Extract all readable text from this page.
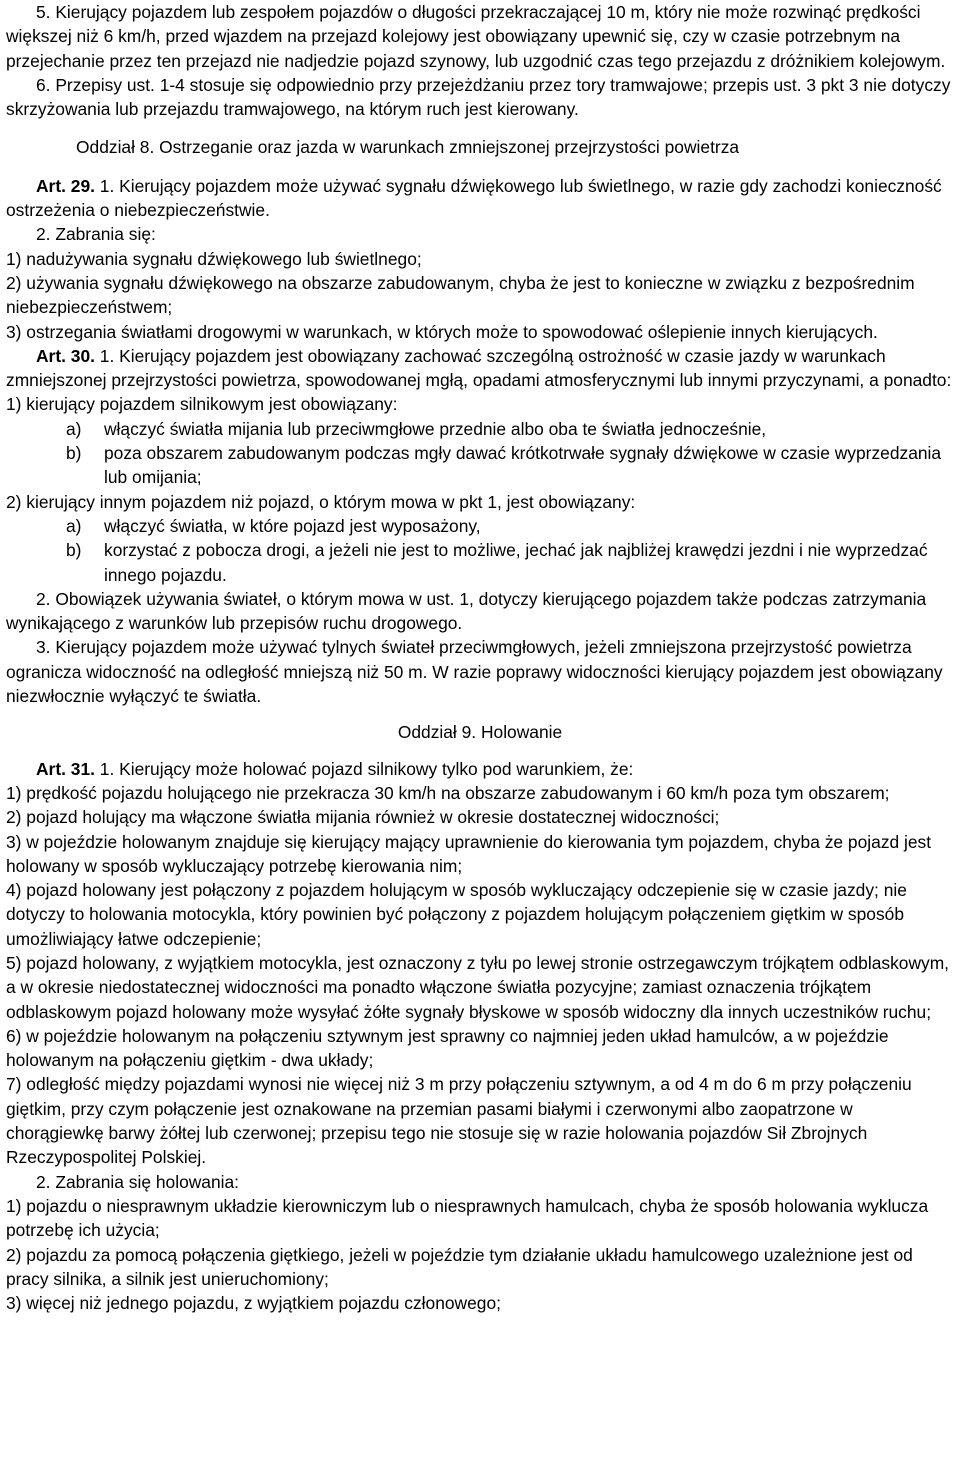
5. Kierujący pojazdem lub zespołem pojazdów o długości przekraczającej 10 m, który nie może rozwinąć prędkości większej niż 6 km/h, przed wjazdem na przejazd kolejowy jest obowiązany upewnić się, czy w czasie potrzebnym na przejechanie przez ten przejazd nie nadjedzie pojazd szynowy, lub uzgodnić czas tego przejazdu z dróżnikiem kolejowym.

6. Przepisy ust. 1-4 stosuje się odpowiednio przy przejeżdżaniu przez tory tramwajowe; przepis ust. 3 pkt 3 nie dotyczy skrzyżowania lub przejazdu tramwajowego, na którym ruch jest kierowany.

Oddział 8. Ostrzeganie oraz jazda w warunkach zmniejszonej przejrzystości powietrza

Art. 29. 1. Kierujący pojazdem może używać sygnału dźwiękowego lub świetlnego, w razie gdy zachodzi konieczność ostrzeżenia o niebezpieczeństwie.

2. Zabrania się:

1) nadużywania sygnału dźwiękowego lub świetlnego;

2) używania sygnału dźwiękowego na obszarze zabudowanym, chyba że jest to konieczne w związku z bezpośrednim niebezpieczeństwem;

3) ostrzegania światłami drogowymi w warunkach, w których może to spowodować oślepienie innych kierujących.

Art. 30. 1. Kierujący pojazdem jest obowiązany zachować szczególną ostrożność w czasie jazdy w warunkach zmniejszonej przejrzystości powietrza, spowodowanej mgłą, opadami atmosferycznymi lub innymi przyczynami, a ponadto:

1) kierujący pojazdem silnikowym jest obowiązany:

a) włączyć światła mijania lub przeciwmgłowe przednie albo oba te światła jednocześnie,
b) poza obszarem zabudowanym podczas mgły dawać krótkotrwałe sygnały dźwiękowe w czasie wyprzedzania lub omijania;

2) kierujący innym pojazdem niż pojazd, o którym mowa w pkt 1, jest obowiązany:

a) włączyć światła, w które pojazd jest wyposażony,
b) korzystać z pobocza drogi, a jeżeli nie jest to możliwe, jechać jak najbliżej krawędzi jezdni i nie wyprzedzać innego pojazdu.

2. Obowiązek używania świateł, o którym mowa w ust. 1, dotyczy kierującego pojazdem także podczas zatrzymania wynikającego z warunków lub przepisów ruchu drogowego.

3. Kierujący pojazdem może używać tylnych świateł przeciwmgłowych, jeżeli zmniejszona przejrzystość powietrza ogranicza widoczność na odległość mniejszą niż 50 m. W razie poprawy widoczności kierujący pojazdem jest obowiązany niezwłocznie wyłączyć te światła.

Oddział 9. Holowanie

Art. 31. 1. Kierujący może holować pojazd silnikowy tylko pod warunkiem, że:

1) prędkość pojazdu holującego nie przekracza 30 km/h na obszarze zabudowanym i 60 km/h poza tym obszarem;

2) pojazd holujący ma włączone światła mijania również w okresie dostatecznej widoczności;

3) w pojeździe holowanym znajduje się kierujący mający uprawnienie do kierowania tym pojazdem, chyba że pojazd jest holowany w sposób wykluczający potrzebę kierowania nim;

4) pojazd holowany jest połączony z pojazdem holującym w sposób wykluczający odczepienie się w czasie jazdy; nie dotyczy to holowania motocykla, który powinien być połączony z pojazdem holującym połączeniem giętkim w sposób umożliwiający łatwe odczepienie;

5) pojazd holowany, z wyjątkiem motocykla, jest oznaczony z tyłu po lewej stronie ostrzegawczym trójkątem odblaskowym, a w okresie niedostatecznej widoczności ma ponadto włączone światła pozycyjne; zamiast oznaczenia trójkątem odblaskowym pojazd holowany może wysyłać żółte sygnały błyskowe w sposób widoczny dla innych uczestników ruchu;

6) w pojeździe holowanym na połączeniu sztywnym jest sprawny co najmniej jeden układ hamulców, a w pojeździe holowanym na połączeniu giętkim - dwa układy;

7) odległość między pojazdami wynosi nie więcej niż 3 m przy połączeniu sztywnym, a od 4 m do 6 m przy połączeniu giętkim, przy czym połączenie jest oznakowane na przemian pasami białymi i czerwonymi albo zaopatrzone w chorągiewkę barwy żółtej lub czerwonej; przepisu tego nie stosuje się w razie holowania pojazdów Sił Zbrojnych Rzeczypospolitej Polskiej.

2. Zabrania się holowania:

1) pojazdu o niesprawnym układzie kierowniczym lub o niesprawnych hamulcach, chyba że sposób holowania wyklucza potrzebę ich użycia;

2) pojazdu za pomocą połączenia giętkiego, jeżeli w pojeździe tym działanie układu hamulcowego uzależnione jest od pracy silnika, a silnik jest unieruchomiony;

3) więcej niż jednego pojazdu, z wyjątkiem pojazdu członowego;
